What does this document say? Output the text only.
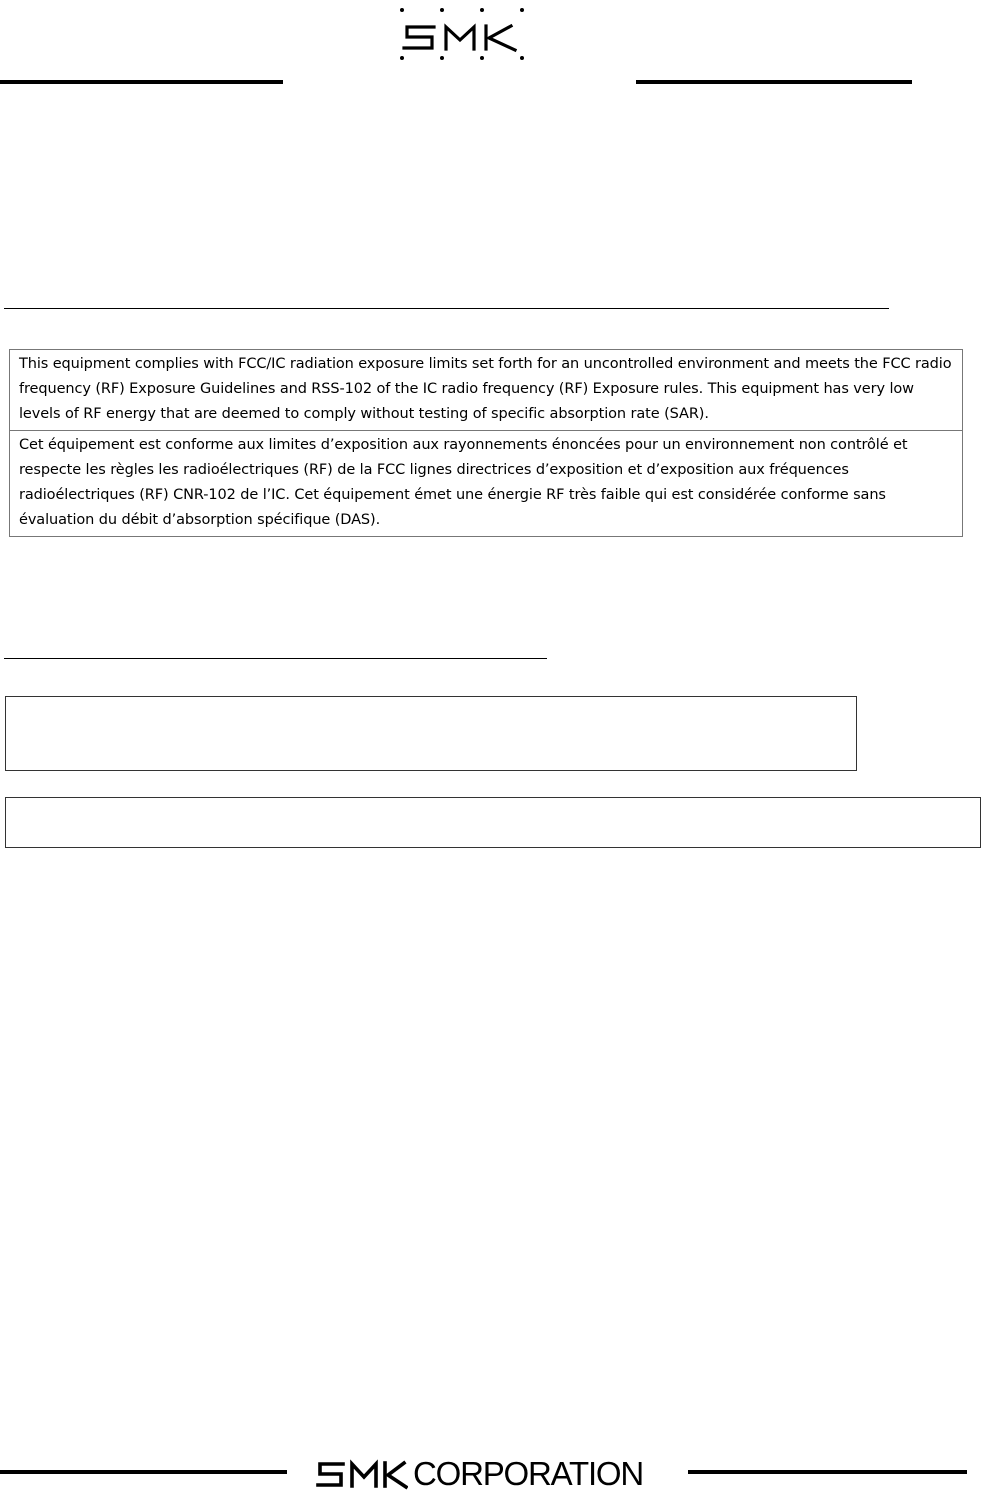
This equipment complies with FCC/IC radiation exposure limits set forth for an uncontrolled environment and meets the FCC radio frequency (RF) Exposure Guidelines and RSS-102 of the IC radio frequency (RF) Exposure rules. This equipment has very low levels of RF energy that are deemed to comply without testing of specific absorption rate (SAR).
Cet équipement est conforme aux limites d’exposition aux rayonnements énoncées pour un environnement non contrôlé et respecte les règles les radioélectriques (RF) de la FCC lignes directrices d’exposition et d’exposition aux fréquences radioélectriques (RF) CNR-102 de l’IC. Cet équipement émet une énergie RF très faible qui est considérée conforme sans évaluation du débit d’absorption spécifique (DAS).
CORPORATION
